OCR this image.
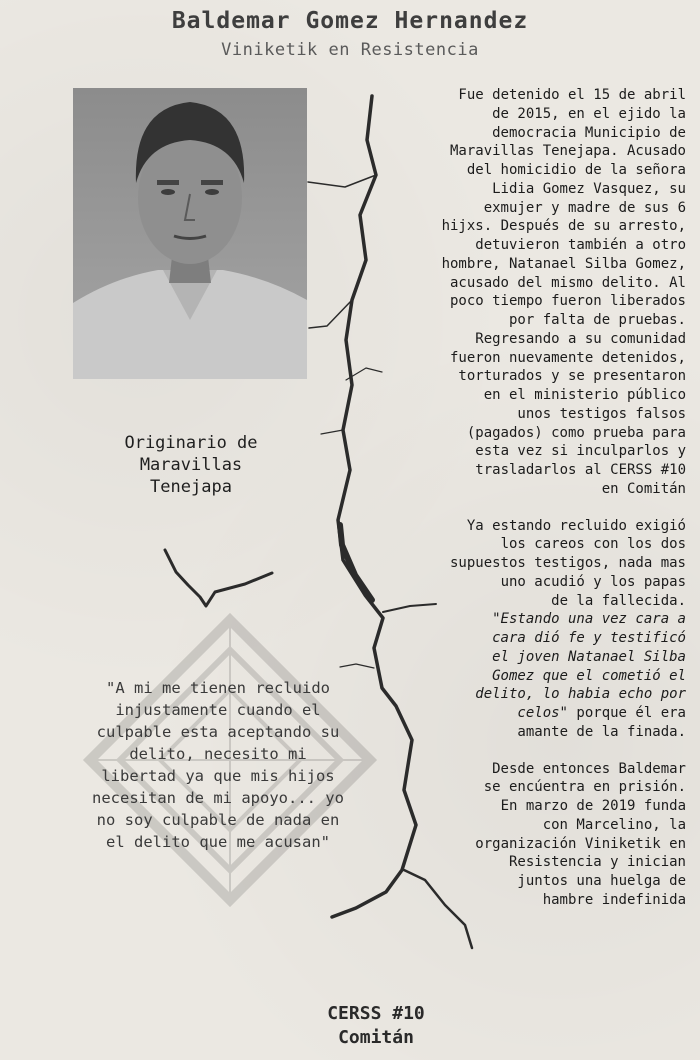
Baldemar Gomez Hernandez
Viniketik en Resistencia
Originario de
Maravillas
Tenejapa
"A mi me tienen recluido
injustamente cuando el
culpable esta aceptando su
delito, necesito mi
libertad ya que mis hijos
necesitan de mi apoyo... yo
no soy culpable de nada en
el delito que me acusan"
Fue detenido el 15 de abril
de 2015, en el ejido la
democracia Municipio de
Maravillas Tenejapa. Acusado
del homicidio de la señora
Lidia Gomez Vasquez, su
exmujer y madre de sus 6
hijxs. Después de su arresto,
detuvieron también a otro
hombre, Natanael Silba Gomez,
acusado del mismo delito. Al
poco tiempo fueron liberados
por falta de pruebas.
Regresando a su comunidad
fueron nuevamente detenidos,
torturados y se presentaron
en el ministerio público
unos testigos falsos
(pagados) como prueba para
esta vez si inculparlos y
trasladarlos al CERSS #10
en Comitán
Ya estando recluido exigió
los careos con los dos
supuestos testigos, nada mas
uno acudió y los papas
de la fallecida.
"Estando una vez cara a
cara dió fe y testificó
el joven Natanael Silba
Gomez que el cometió el
delito, lo habia echo por
celos" porque él era
amante de la finada.
Desde entonces Baldemar
se encúentra en prisión.
En marzo de 2019 funda
con Marcelino, la
organización Viniketik en
Resistencia y inician
juntos una huelga de
hambre indefinida
CERSS #10
Comitán
